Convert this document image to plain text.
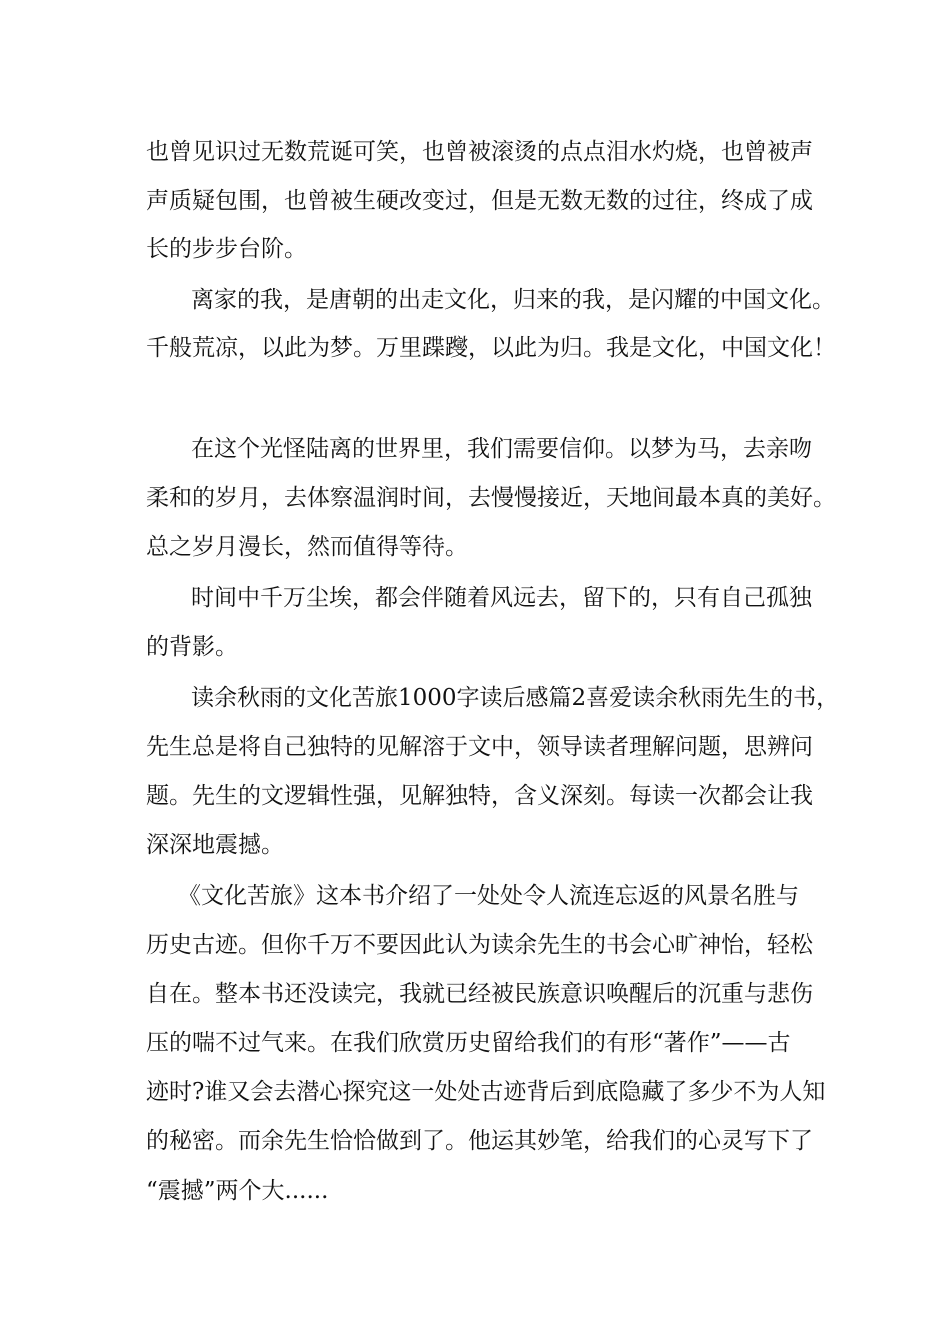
也曾见识过无数荒诞可笑，也曾被滚烫的点点泪水灼烧，也曾被声

声质疑包围，也曾被生硬改变过，但是无数无数的过往，终成了成

长的步步台阶。

离家的我，是唐朝的出走文化，归来的我，是闪耀的中国文化。

千般荒凉，以此为梦。万里蹀躞，以此为归。我是文化，中国文化！

在这个光怪陆离的世界里，我们需要信仰。以梦为马，去亲吻

柔和的岁月，去体察温润时间，去慢慢接近，天地间最本真的美好。

总之岁月漫长，然而值得等待。

时间中千万尘埃，都会伴随着风远去，留下的，只有自己孤独

的背影。

读余秋雨的文化苦旅1000字读后感篇2喜爱读余秋雨先生的书，

先生总是将自己独特的见解溶于文中，领导读者理解问题，思辨问

题。先生的文逻辑性强，见解独特，含义深刻。每读一次都会让我

深深地震撼。

《文化苦旅》这本书介绍了一处处令人流连忘返的风景名胜与

历史古迹。但你千万不要因此认为读余先生的书会心旷神怡，轻松

自在。整本书还没读完，我就已经被民族意识唤醒后的沉重与悲伤

压的喘不过气来。在我们欣赏历史留给我们的有形“著作”——古

迹时?谁又会去潜心探究这一处处古迹背后到底隐藏了多少不为人知

的秘密。而余先生恰恰做到了。他运其妙笔，给我们的心灵写下了

“震撼”两个大......
